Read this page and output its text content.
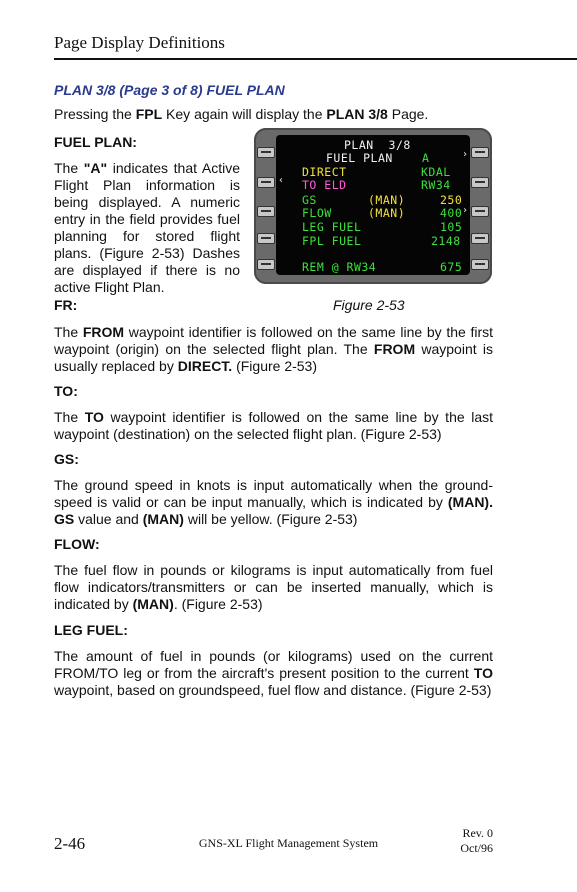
Page Display Definitions
PLAN 3/8 (Page 3 of 8) FUEL PLAN

Pressing the FPL Key again will display the PLAN 3/8 Page.

FUEL PLAN:

The "A" indicates that Active Flight Plan information is being displayed. A numeric entry in the field provides fuel planning for stored flight plans. (Figure 2-53) Dashes are displayed if there is no active Flight Plan.

‹
›
›
PLAN  3/8
FUEL PLAN	A
DIRECT	KDAL
TO ELD	RW34
GS	(MAN)	250
FLOW	(MAN)	400
LEG FUEL	105
FPL FUEL	2148
REM @ RW34	675
Figure 2-53

FR:

The FROM waypoint identifier is followed on the same line by the first waypoint (origin) on the selected flight plan. The FROM waypoint is usually replaced by DIRECT. (Figure 2-53)

TO:

The TO waypoint identifier is followed on the same line by the last waypoint (destination) on the selected flight plan. (Figure 2-53)

GS:

The ground speed in knots is input automatically when the ground-speed is valid or can be input manually, which is indicated by (MAN). GS value and (MAN) will be yellow. (Figure 2-53)

FLOW:

The fuel flow in pounds or kilograms is input automatically from fuel flow indicators/transmitters or can be inserted manually, which is indicated by (MAN). (Figure 2-53)

LEG FUEL:

The amount of fuel in pounds (or kilograms) used on the current FROM/TO leg or from the aircraft's present position to the current TO waypoint, based on groundspeed, fuel flow and distance. (Figure 2-53)

2-46	GNS-XL Flight Management System
Rev. 0
Oct/96
